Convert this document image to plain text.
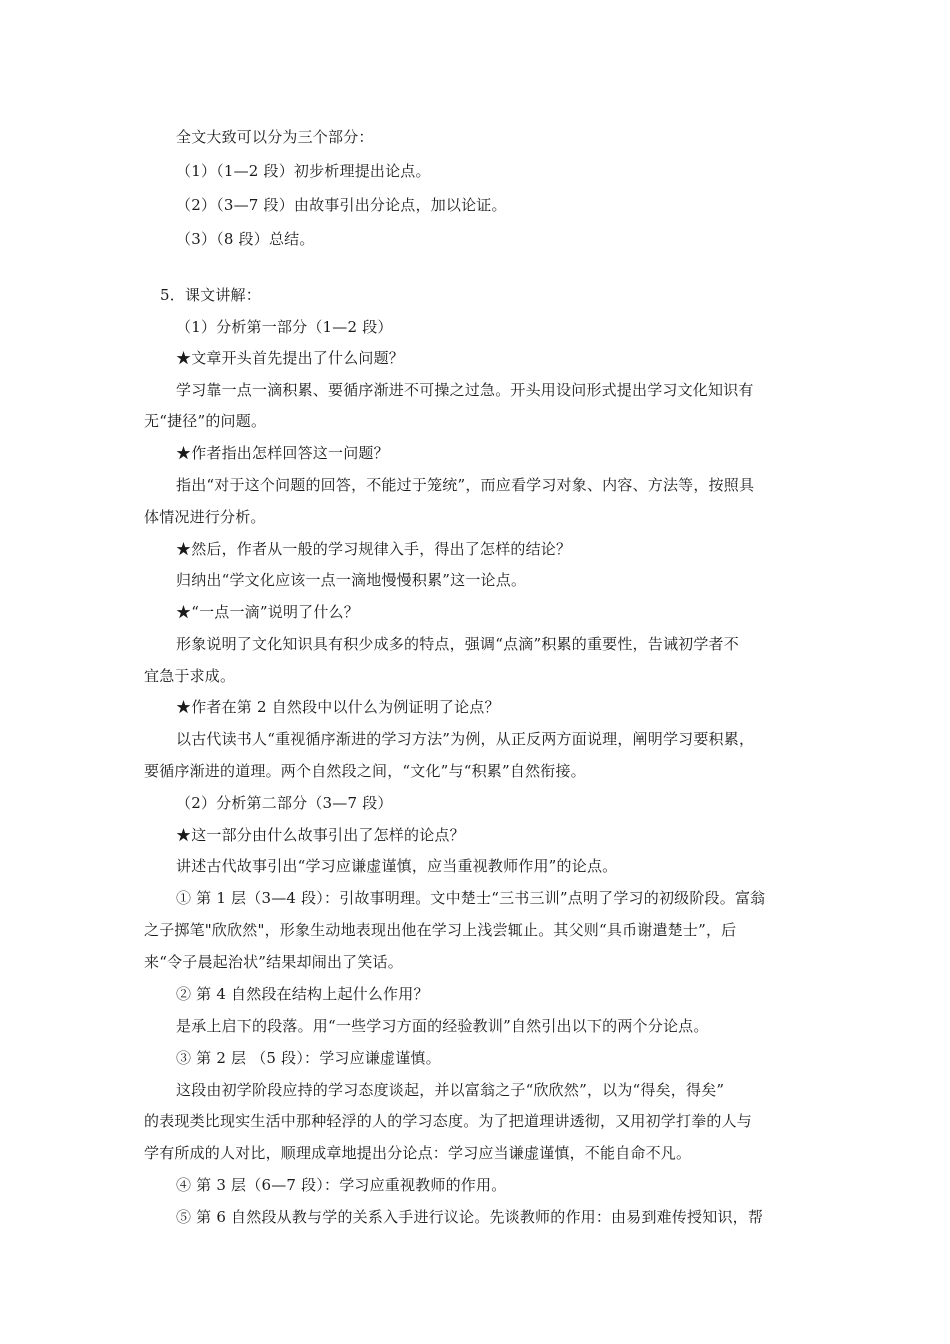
全文大致可以分为三个部分：
（1）（1—2 段）初步析理提出论点。
（2）（3—7 段）由故事引出分论点，加以论证。
（3）（8 段）总结。
5．课文讲解：
（1）分析第一部分（1—2 段）
★文章开头首先提出了什么问题？
学习靠一点一滴积累、要循序渐进不可操之过急。开头用设问形式提出学习文化知识有
无“捷径”的问题。
★作者指出怎样回答这一问题？
指出“对于这个问题的回答，不能过于笼统”，而应看学习对象、内容、方法等，按照具
体情况进行分析。
★然后，作者从一般的学习规律入手，得出了怎样的结论？
归纳出“学文化应该一点一滴地慢慢积累”这一论点。
★“一点一滴”说明了什么？
形象说明了文化知识具有积少成多的特点，强调“点滴”积累的重要性，告诫初学者不
宜急于求成。
★作者在第 2 自然段中以什么为例证明了论点？
以古代读书人“重视循序渐进的学习方法”为例，从正反两方面说理，阐明学习要积累，
要循序渐进的道理。两个自然段之间，“文化”与“积累”自然衔接。
（2）分析第二部分（3—7 段）
★这一部分由什么故事引出了怎样的论点？
讲述古代故事引出“学习应谦虚谨慎，应当重视教师作用”的论点。
① 第 1 层（3—4 段）：引故事明理。文中楚士“三书三训”点明了学习的初级阶段。富翁
之子掷笔"欣欣然"，形象生动地表现出他在学习上浅尝辄止。其父则“具币谢遣楚士”，后
来“令子晨起治状”结果却闹出了笑话。
② 第 4 自然段在结构上起什么作用？
是承上启下的段落。用“一些学习方面的经验教训”自然引出以下的两个分论点。
③ 第 2 层 （5 段）：学习应谦虚谨慎。
这段由初学阶段应持的学习态度谈起，并以富翁之子“欣欣然”，以为“得矣，得矣”
的表现类比现实生活中那种轻浮的人的学习态度。为了把道理讲透彻，又用初学打拳的人与
学有所成的人对比，顺理成章地提出分论点：学习应当谦虚谨慎，不能自命不凡。
④ 第 3 层（6—7 段）：学习应重视教师的作用。
⑤ 第 6 自然段从教与学的关系入手进行议论。先谈教师的作用：由易到难传授知识，帮
